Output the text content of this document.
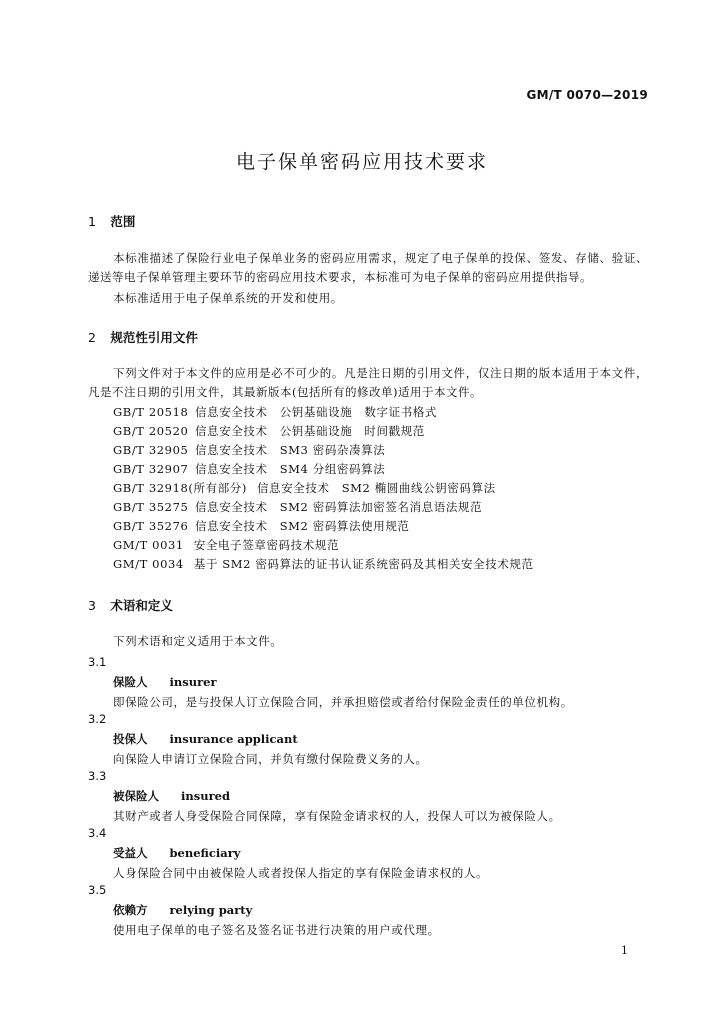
GM/T 0070—2019
电子保单密码应用技术要求
1 范围
本标准描述了保险行业电子保单业务的密码应用需求，规定了电子保单的投保、签发、存储、验证、递送等电子保单管理主要环节的密码应用技术要求，本标准可为电子保单的密码应用提供指导。
本标准适用于电子保单系统的开发和使用。
2 规范性引用文件
下列文件对于本文件的应用是必不可少的。凡是注日期的引用文件，仅注日期的版本适用于本文件，凡是不注日期的引用文件，其最新版本(包括所有的修改单)适用于本文件。
GB/T 20518 信息安全技术　公钥基础设施　数字证书格式
GB/T 20520 信息安全技术　公钥基础设施　时间戳规范
GB/T 32905 信息安全技术　SM3 密码杂凑算法
GB/T 32907 信息安全技术　SM4 分组密码算法
GB/T 32918(所有部分) 信息安全技术　SM2 椭圆曲线公钥密码算法
GB/T 35275 信息安全技术　SM2 密码算法加密签名消息语法规范
GB/T 35276 信息安全技术　SM2 密码算法使用规范
GM/T 0031 安全电子签章密码技术规范
GM/T 0034 基于 SM2 密码算法的证书认证系统密码及其相关安全技术规范
3 术语和定义
下列术语和定义适用于本文件。
3.1
保险人 insurer
即保险公司，是与投保人订立保险合同，并承担赔偿或者给付保险金责任的单位机构。
3.2
投保人 insurance applicant
向保险人申请订立保险合同，并负有缴付保险费义务的人。
3.3
被保险人 insured
其财产或者人身受保险合同保障，享有保险金请求权的人，投保人可以为被保险人。
3.4
受益人 beneficiary
人身保险合同中由被保险人或者投保人指定的享有保险金请求权的人。
3.5
依赖方 relying party
使用电子保单的电子签名及签名证书进行决策的用户或代理。
1
